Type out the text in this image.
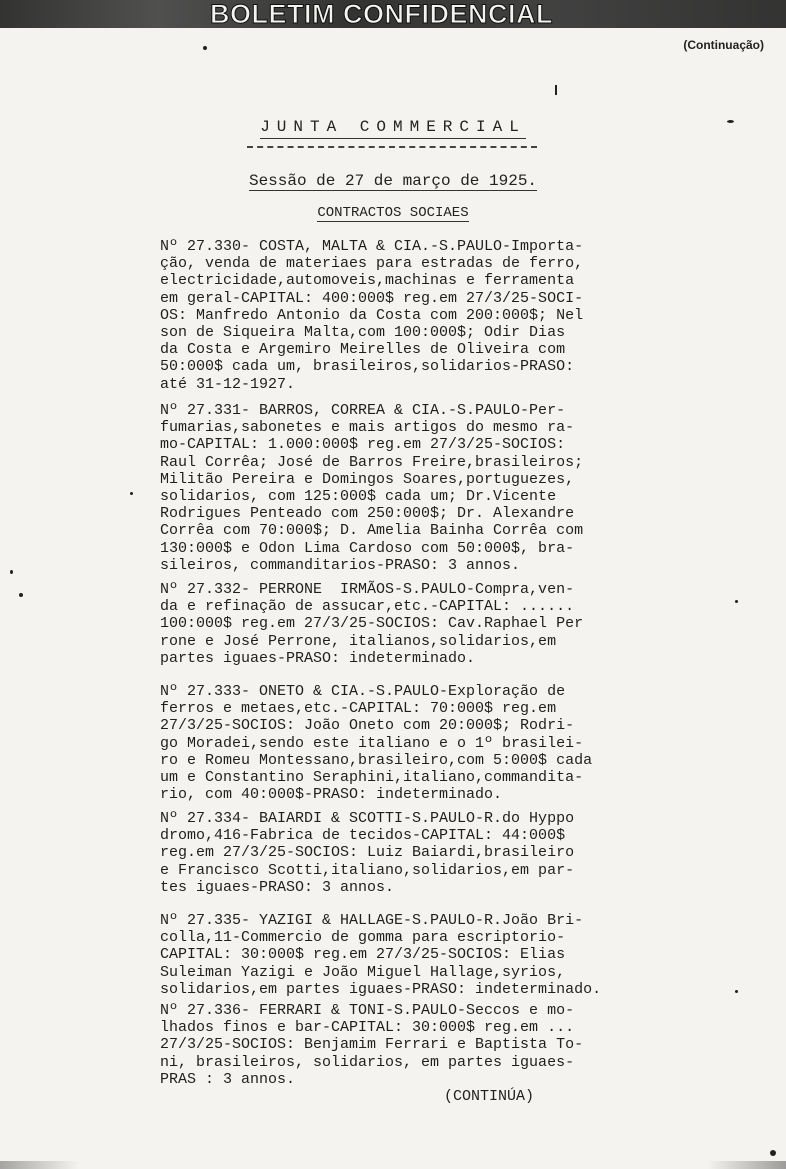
BOLETIM CONFIDENCIAL
(Continuação)
JUNTA COMMERCIAL
Sessão de 27 de março de 1925.
CONTRACTOS SOCIAES
Nº 27.330- COSTA, MALTA & CIA.-S.PAULO-Importa-
ção, venda de materiaes para estradas de ferro,
electricidade,automoveis,machinas e ferramenta
em geral-CAPITAL: 400:000$ reg.em 27/3/25-SOCI-
OS: Manfredo Antonio da Costa com 200:000$; Nel
son de Siqueira Malta,com 100:000$; Odir Dias
da Costa e Argemiro Meirelles de Oliveira com
50:000$ cada um, brasileiros,solidarios-PRASO:
até 31-12-1927.
Nº 27.331- BARROS, CORREA & CIA.-S.PAULO-Per-
fumarias,sabonetes e mais artigos do mesmo ra-
mo-CAPITAL: 1.000:000$ reg.em 27/3/25-SOCIOS:
Raul Corrêa; José de Barros Freire,brasileiros;
Militão Pereira e Domingos Soares,portuguezes,
solidarios, com 125:000$ cada um; Dr.Vicente
Rodrigues Penteado com 250:000$; Dr. Alexandre
Corrêa com 70:000$; D. Amelia Bainha Corrêa com
130:000$ e Odon Lima Cardoso com 50:000$, bra-
sileiros, commanditarios-PRASO: 3 annos.
Nº 27.332- PERRONE  IRMÃOS-S.PAULO-Compra,ven-
da e refinação de assucar,etc.-CAPITAL: ......
100:000$ reg.em 27/3/25-SOCIOS: Cav.Raphael Per
rone e José Perrone, italianos,solidarios,em
partes iguaes-PRASO: indeterminado.
Nº 27.333- ONETO & CIA.-S.PAULO-Exploração de
ferros e metaes,etc.-CAPITAL: 70:000$ reg.em
27/3/25-SOCIOS: João Oneto com 20:000$; Rodri-
go Moradei,sendo este italiano e o 1º brasilei-
ro e Romeu Montessano,brasileiro,com 5:000$ cada
um e Constantino Seraphini,italiano,commandita-
rio, com 40:000$-PRASO: indeterminado.
Nº 27.334- BAIARDI & SCOTTI-S.PAULO-R.do Hyppo
dromo,416-Fabrica de tecidos-CAPITAL: 44:000$
reg.em 27/3/25-SOCIOS: Luiz Baiardi,brasileiro
e Francisco Scotti,italiano,solidarios,em par-
tes iguaes-PRASO: 3 annos.
Nº 27.335- YAZIGI & HALLAGE-S.PAULO-R.João Bri-
colla,11-Commercio de gomma para escriptorio-
CAPITAL: 30:000$ reg.em 27/3/25-SOCIOS: Elias
Suleiman Yazigi e João Miguel Hallage,syrios,
solidarios,em partes iguaes-PRASO: indeterminado.
Nº 27.336- FERRARI & TONI-S.PAULO-Seccos e mo-
lhados finos e bar-CAPITAL: 30:000$ reg.em ...
27/3/25-SOCIOS: Benjamim Ferrari e Baptista To-
ni, brasileiros, solidarios, em partes iguaes-
PRAS : 3 annos.
(CONTINÚA)
